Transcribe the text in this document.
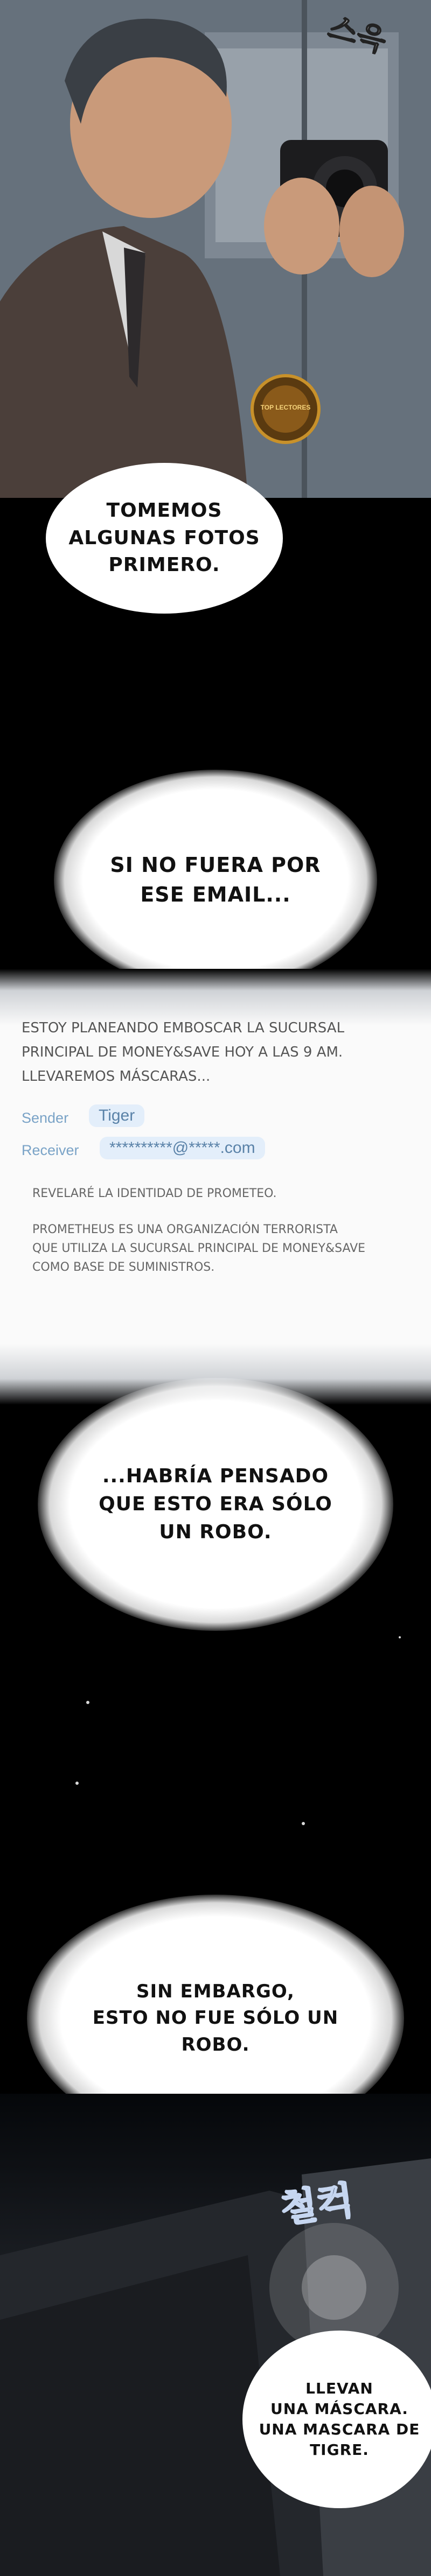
스윽
TOP LECTORES
TOMEMOS
ALGUNAS FOTOS
PRIMERO.
SI NO FUERA POR
ESE EMAIL...
ESTOY PLANEANDO EMBOSCAR LA SUCURSAL
PRINCIPAL DE MONEY&SAVE HOY A LAS 9 AM.
LLEVAREMOS MÁSCARAS...
Sender	Tiger
Receiver	**********@*****.com
REVELARÉ LA IDENTIDAD DE PROMETEO.
PROMETHEUS ES UNA ORGANIZACIÓN TERRORISTA
QUE UTILIZA LA SUCURSAL PRINCIPAL DE MONEY&SAVE
COMO BASE DE SUMINISTROS.
...HABRÍA PENSADO
QUE ESTO ERA SÓLO
UN ROBO.
SIN EMBARGO,
ESTO NO FUE SÓLO UN
ROBO.
철컥
LLEVAN
UNA MÁSCARA.
UNA MASCARA DE
TIGRE.
